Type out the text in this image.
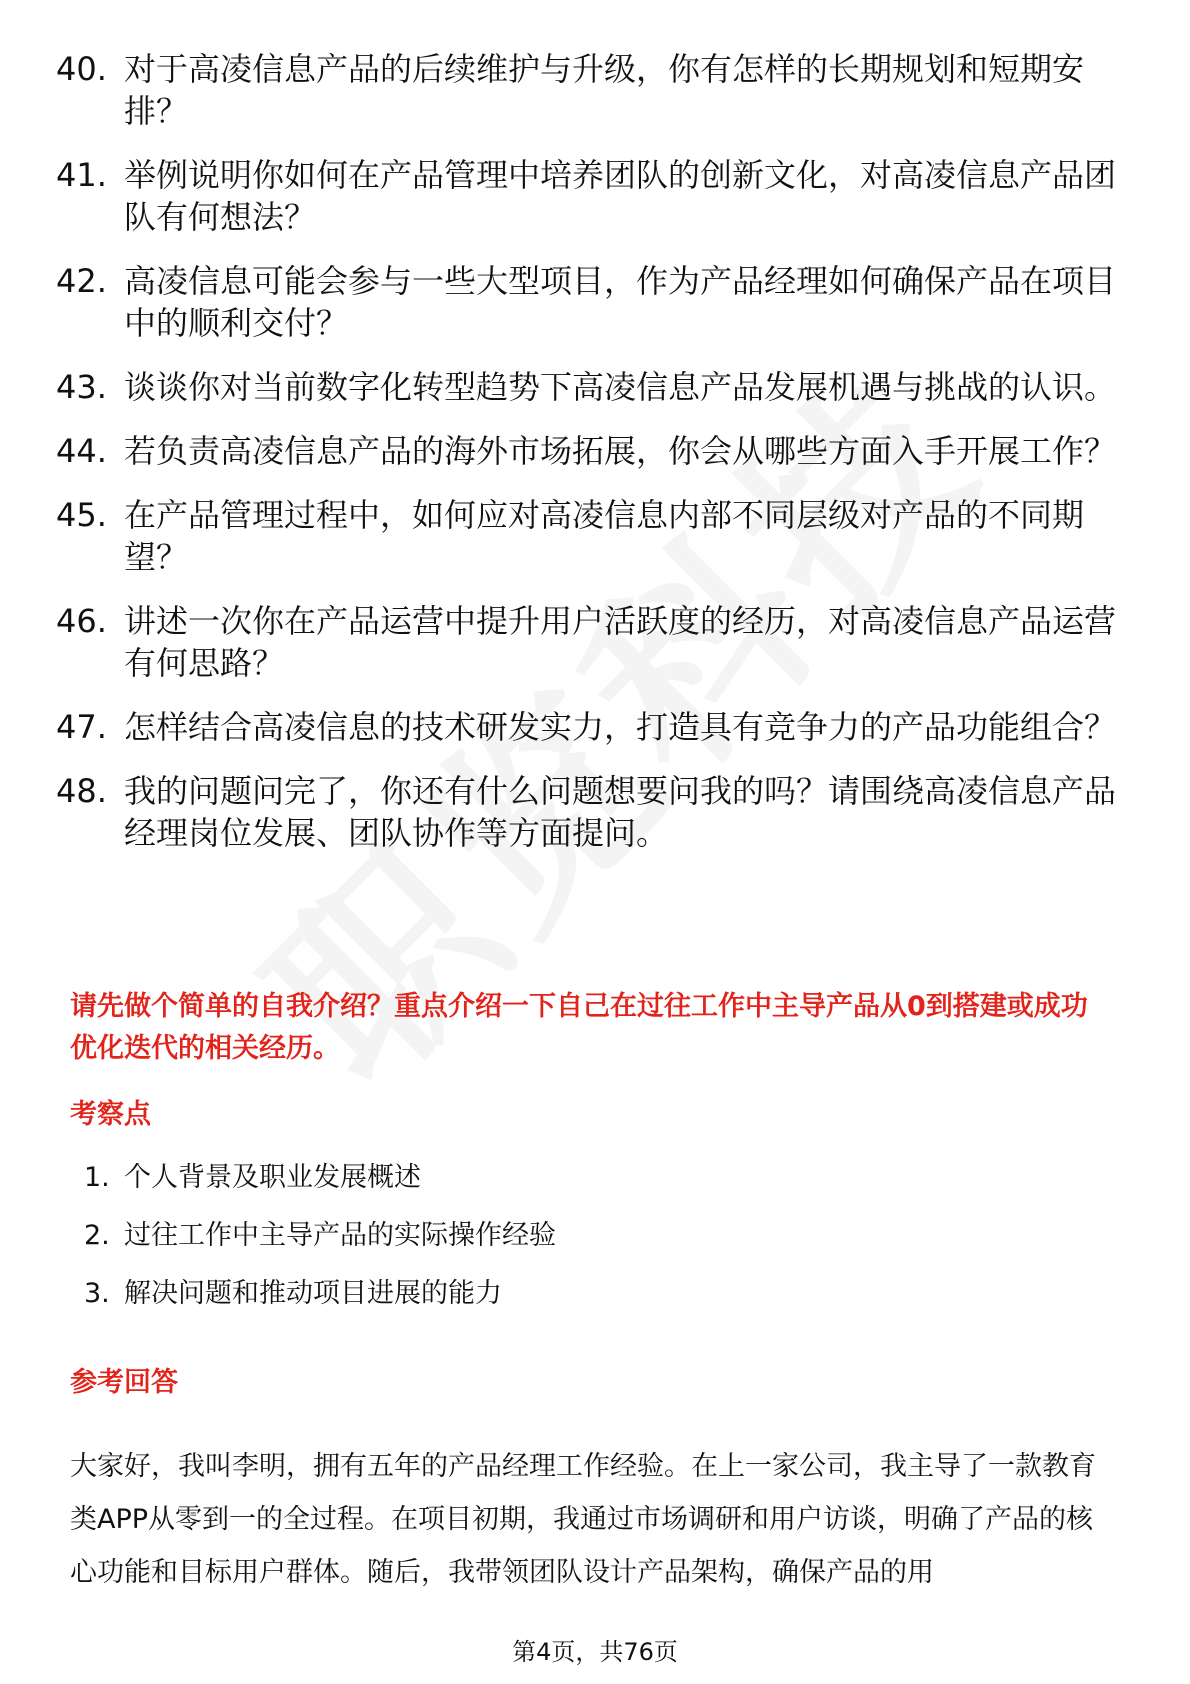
40. 对于高凌信息产品的后续维护与升级，你有怎样的长期规划和短期安排？
41. 举例说明你如何在产品管理中培养团队的创新文化，对高凌信息产品团队有何想法？
42. 高凌信息可能会参与一些大型项目，作为产品经理如何确保产品在项目中的顺利交付？
43. 谈谈你对当前数字化转型趋势下高凌信息产品发展机遇与挑战的认识。
44. 若负责高凌信息产品的海外市场拓展，你会从哪些方面入手开展工作？
45. 在产品管理过程中，如何应对高凌信息内部不同层级对产品的不同期望？
46. 讲述一次你在产品运营中提升用户活跃度的经历，对高凌信息产品运营有何思路？
47. 怎样结合高凌信息的技术研发实力，打造具有竞争力的产品功能组合？
48. 我的问题问完了，你还有什么问题想要问我的吗？请围绕高凌信息产品经理岗位发展、团队协作等方面提问。
请先做个简单的自我介绍？重点介绍一下自己在过往工作中主导产品从0到搭建或成功优化迭代的相关经历。
考察点
1. 个人背景及职业发展概述
2. 过往工作中主导产品的实际操作经验
3. 解决问题和推动项目进展的能力
参考回答
大家好，我叫李明，拥有五年的产品经理工作经验。在上一家公司，我主导了一款教育类APP从零到一的全过程。在项目初期，我通过市场调研和用户访谈，明确了产品的核心功能和目标用户群体。随后，我带领团队设计产品架构，确保产品的用
第4页，共76页
